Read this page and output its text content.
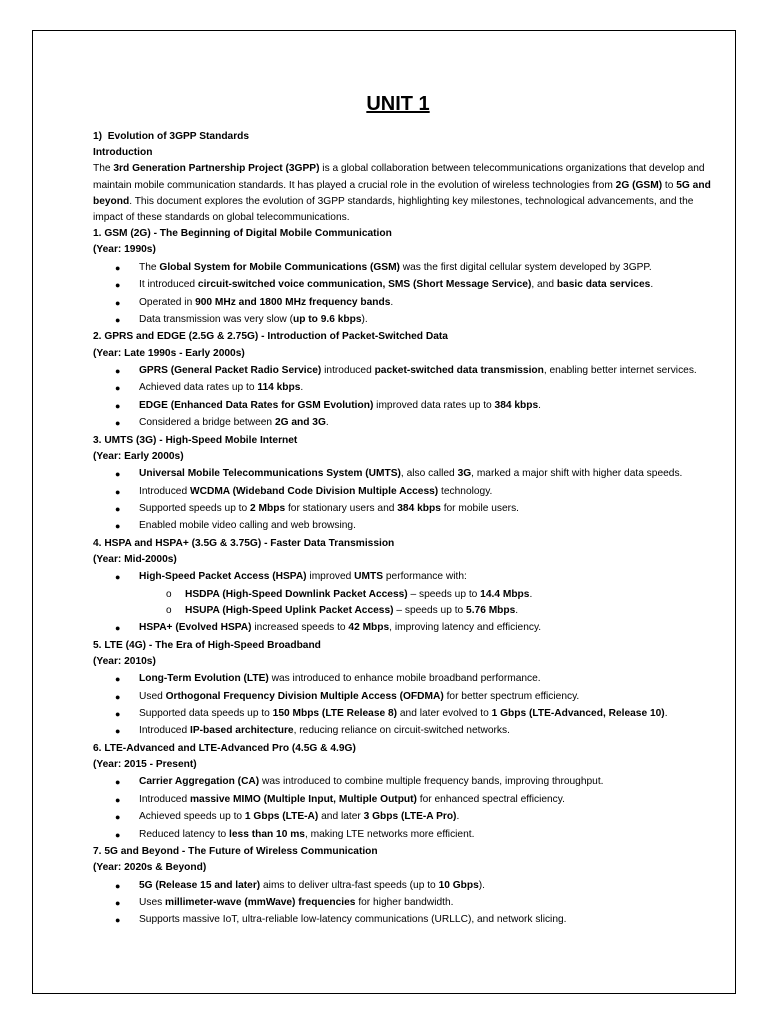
UNIT 1
1) Evolution of 3GPP Standards
Introduction
The 3rd Generation Partnership Project (3GPP) is a global collaboration between telecommunications organizations that develop and maintain mobile communication standards. It has played a crucial role in the evolution of wireless technologies from 2G (GSM) to 5G and beyond. This document explores the evolution of 3GPP standards, highlighting key milestones, technological advancements, and the impact of these standards on global telecommunications.
1. GSM (2G) - The Beginning of Digital Mobile Communication
(Year: 1990s)
● The Global System for Mobile Communications (GSM) was the first digital cellular system developed by 3GPP.
● It introduced circuit-switched voice communication, SMS (Short Message Service), and basic data services.
● Operated in 900 MHz and 1800 MHz frequency bands.
● Data transmission was very slow (up to 9.6 kbps).
2. GPRS and EDGE (2.5G & 2.75G) - Introduction of Packet-Switched Data
(Year: Late 1990s - Early 2000s)
● GPRS (General Packet Radio Service) introduced packet-switched data transmission, enabling better internet services.
● Achieved data rates up to 114 kbps.
● EDGE (Enhanced Data Rates for GSM Evolution) improved data rates up to 384 kbps.
● Considered a bridge between 2G and 3G.
3. UMTS (3G) - High-Speed Mobile Internet
(Year: Early 2000s)
● Universal Mobile Telecommunications System (UMTS), also called 3G, marked a major shift with higher data speeds.
● Introduced WCDMA (Wideband Code Division Multiple Access) technology.
● Supported speeds up to 2 Mbps for stationary users and 384 kbps for mobile users.
● Enabled mobile video calling and web browsing.
4. HSPA and HSPA+ (3.5G & 3.75G) - Faster Data Transmission
(Year: Mid-2000s)
● High-Speed Packet Access (HSPA) improved UMTS performance with:
o HSDPA (High-Speed Downlink Packet Access) – speeds up to 14.4 Mbps.
o HSUPA (High-Speed Uplink Packet Access) – speeds up to 5.76 Mbps.
● HSPA+ (Evolved HSPA) increased speeds to 42 Mbps, improving latency and efficiency.
5. LTE (4G) - The Era of High-Speed Broadband
(Year: 2010s)
● Long-Term Evolution (LTE) was introduced to enhance mobile broadband performance.
● Used Orthogonal Frequency Division Multiple Access (OFDMA) for better spectrum efficiency.
● Supported data speeds up to 150 Mbps (LTE Release 8) and later evolved to 1 Gbps (LTE-Advanced, Release 10).
● Introduced IP-based architecture, reducing reliance on circuit-switched networks.
6. LTE-Advanced and LTE-Advanced Pro (4.5G & 4.9G)
(Year: 2015 - Present)
● Carrier Aggregation (CA) was introduced to combine multiple frequency bands, improving throughput.
● Introduced massive MIMO (Multiple Input, Multiple Output) for enhanced spectral efficiency.
● Achieved speeds up to 1 Gbps (LTE-A) and later 3 Gbps (LTE-A Pro).
● Reduced latency to less than 10 ms, making LTE networks more efficient.
7. 5G and Beyond - The Future of Wireless Communication
(Year: 2020s & Beyond)
● 5G (Release 15 and later) aims to deliver ultra-fast speeds (up to 10 Gbps).
● Uses millimeter-wave (mmWave) frequencies for higher bandwidth.
● Supports massive IoT, ultra-reliable low-latency communications (URLLC), and network slicing.
